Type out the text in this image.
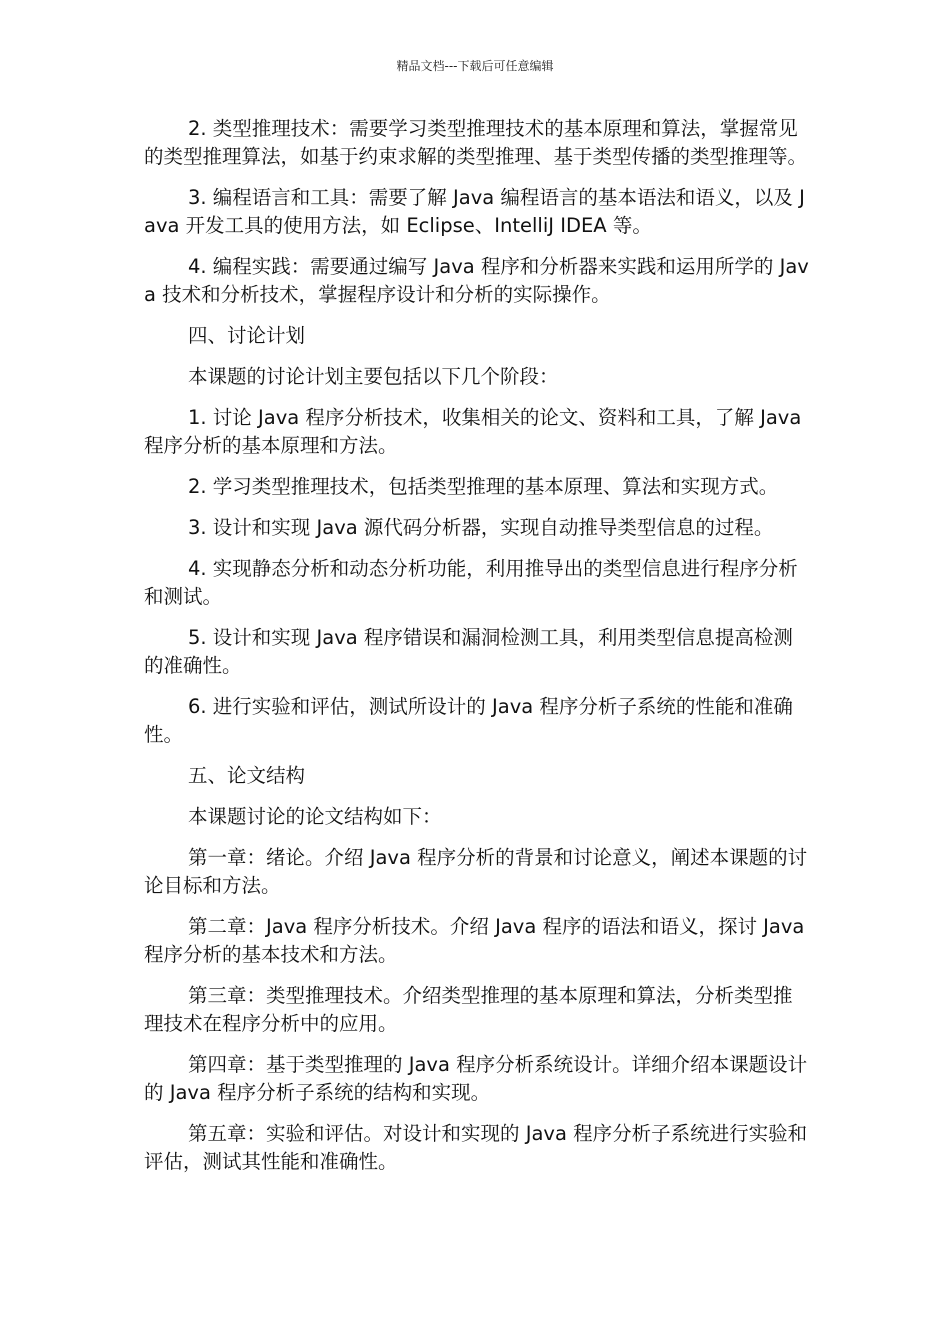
精品文档---下载后可任意编辑

2. 类型推理技术：需要学习类型推理技术的基本原理和算法，掌握常见的类型推理算法，如基于约束求解的类型推理、基于类型传播的类型推理等。

3. 编程语言和工具：需要了解 Java 编程语言的基本语法和语义，以及 Java 开发工具的使用方法，如 Eclipse、IntelliJ IDEA 等。

4. 编程实践：需要通过编写 Java 程序和分析器来实践和运用所学的 Java 技术和分析技术，掌握程序设计和分析的实际操作。

四、讨论计划

本课题的讨论计划主要包括以下几个阶段：

1. 讨论 Java 程序分析技术，收集相关的论文、资料和工具，了解 Java 程序分析的基本原理和方法。

2. 学习类型推理技术，包括类型推理的基本原理、算法和实现方式。

3. 设计和实现 Java 源代码分析器，实现自动推导类型信息的过程。

4. 实现静态分析和动态分析功能，利用推导出的类型信息进行程序分析和测试。

5. 设计和实现 Java 程序错误和漏洞检测工具，利用类型信息提高检测的准确性。

6. 进行实验和评估，测试所设计的 Java 程序分析子系统的性能和准确性。

五、论文结构

本课题讨论的论文结构如下：

第一章：绪论。介绍 Java 程序分析的背景和讨论意义，阐述本课题的讨论目标和方法。

第二章：Java 程序分析技术。介绍 Java 程序的语法和语义，探讨 Java 程序分析的基本技术和方法。

第三章：类型推理技术。介绍类型推理的基本原理和算法，分析类型推理技术在程序分析中的应用。

第四章：基于类型推理的 Java 程序分析系统设计。详细介绍本课题设计的 Java 程序分析子系统的结构和实现。

第五章：实验和评估。对设计和实现的 Java 程序分析子系统进行实验和评估，测试其性能和准确性。
